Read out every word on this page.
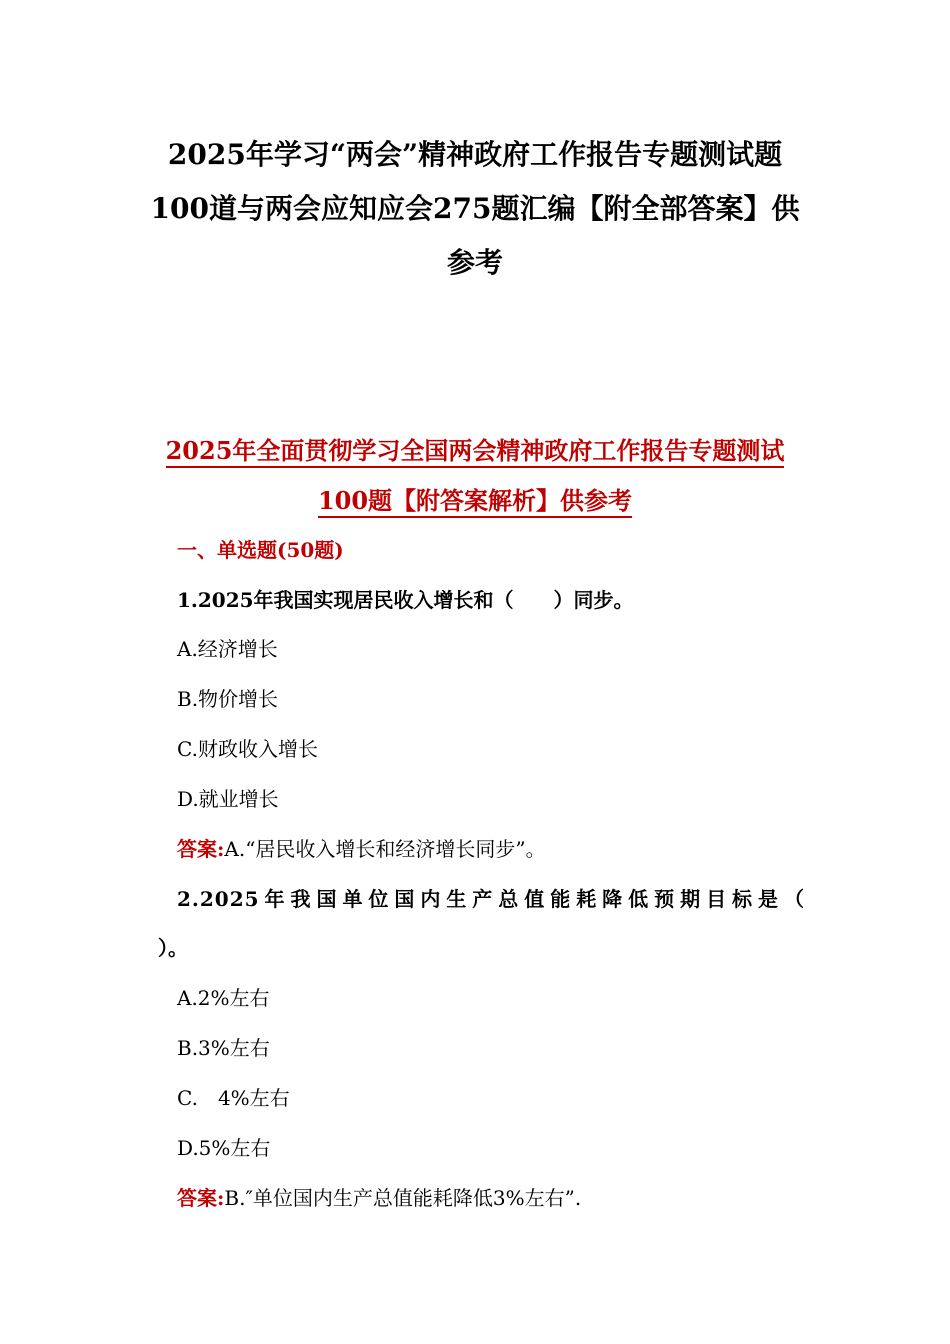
2025年学习“两会”精神政府工作报告专题测试题
100道与两会应知应会275题汇编【附全部答案】供
参考
2025年全面贯彻学习全国两会精神政府工作报告专题测试
100题【附答案解析】供参考
一、单选题(50题)
1.2025年我国实现居民收入增长和（　　）同步。
A.经济增长
B.物价增长
C.财政收入增长
D.就业增长
答案:A.“居民收入增长和经济增长同步”。
2.2025年我国单位国内生产总值能耗降低预期目标是（
）。
A.2%左右
B.3%左右
C.　4%左右
D.5%左右
答案:B.″单位国内生产总值能耗降低3%左右”.
